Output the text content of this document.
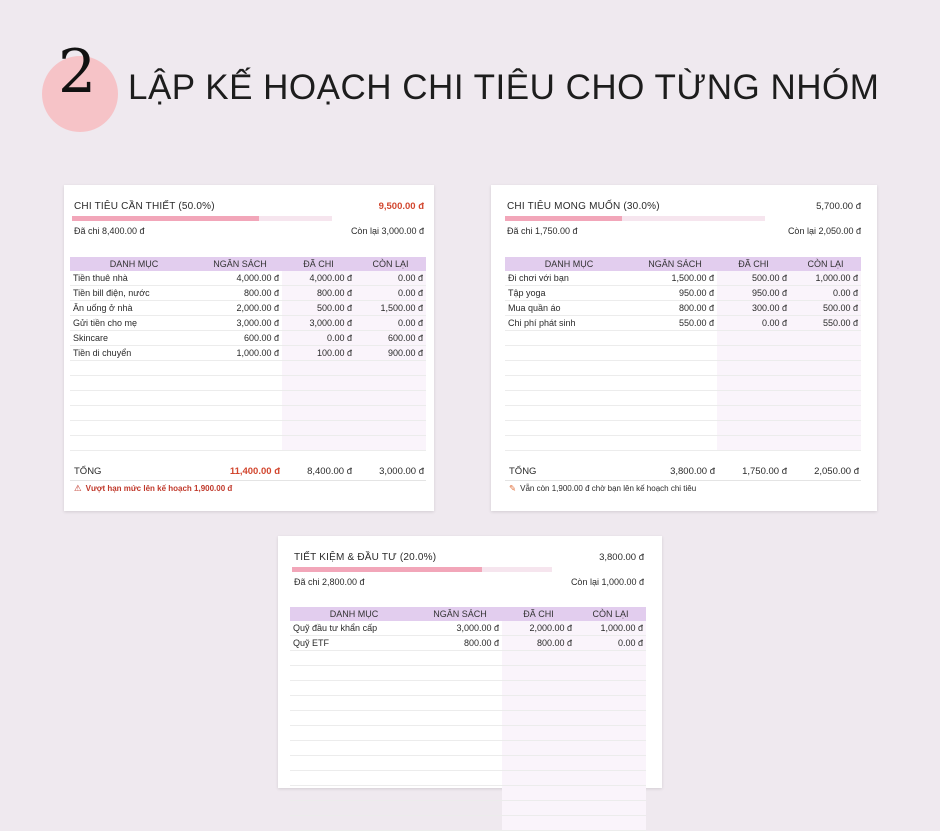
2 LẬP KẾ HOẠCH CHI TIÊU CHO TỪNG NHÓM
CHI TIÊU CẦN THIẾT (50.0%)	9,500.00 đ
Đã chi 8,400.00 đ	Còn lại 3,000.00 đ
DANH MỤC	NGÂN SÁCH	ĐÃ CHI	CÒN LẠI
Tiền thuê nhà	4,000.00 đ	4,000.00 đ	0.00 đ
Tiền bill điện, nước	800.00 đ	800.00 đ	0.00 đ
Ăn uống ở nhà	2,000.00 đ	500.00 đ	1,500.00 đ
Gửi tiền cho mẹ	3,000.00 đ	3,000.00 đ	0.00 đ
Skincare	600.00 đ	0.00 đ	600.00 đ
Tiền di chuyển	1,000.00 đ	100.00 đ	900.00 đ

TỔNG	11,400.00 đ	8,400.00 đ	3,000.00 đ
⚠ Vượt hạn mức lên kế hoạch 1,900.00 đ
CHI TIÊU MONG MUỐN (30.0%)	5,700.00 đ
Đã chi 1,750.00 đ	Còn lại 2,050.00 đ
DANH MỤC	NGÂN SÁCH	ĐÃ CHI	CÒN LẠI
Đi chơi với bạn	1,500.00 đ	500.00 đ	1,000.00 đ
Tập yoga	950.00 đ	950.00 đ	0.00 đ
Mua quần áo	800.00 đ	300.00 đ	500.00 đ
Chi phí phát sinh	550.00 đ	0.00 đ	550.00 đ

TỔNG	3,800.00 đ	1,750.00 đ	2,050.00 đ
✎ Vẫn còn 1,900.00 đ chờ bạn lên kế hoạch chi tiêu
TIẾT KIỆM & ĐẦU TƯ (20.0%)	3,800.00 đ
Đã chi 2,800.00 đ	Còn lại 1,000.00 đ
DANH MỤC	NGÂN SÁCH	ĐÃ CHI	CÒN LẠI
Quỹ đầu tư khẩn cấp	3,000.00 đ	2,000.00 đ	1,000.00 đ
Quỹ ETF	800.00 đ	800.00 đ	0.00 đ
